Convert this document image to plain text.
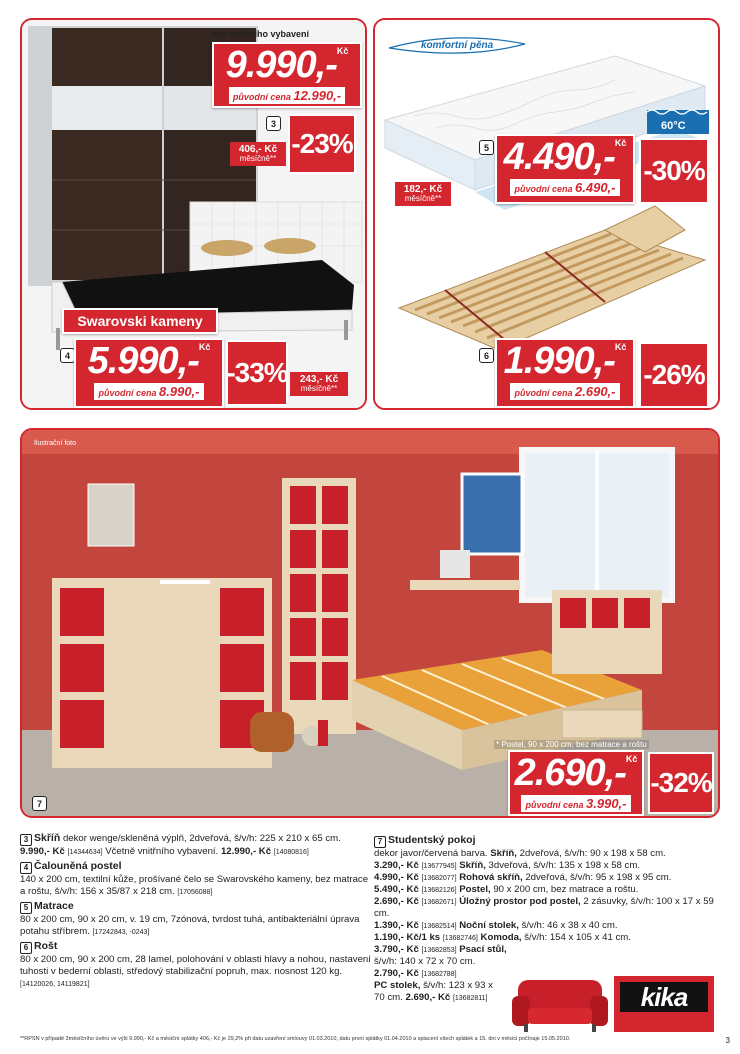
bez vnitřního vybavení
9.990,-$^{Kč}$ původní cena 12.990,-
3
-23%
406,- Kč
měsíčně**
Swarovski kameny
4 5.990,-$^{Kč}$ původní cena 8.990,-
-33%	243,- Kč
měsíčně**
komfortní pěna
60°C
5 4.490,-$^{Kč}$ původní cena 6.490,-
-30%
182,- Kč
měsíčně**
6 1.990,-$^{Kč}$ původní cena 2.690,-
-26%
Ilustrační foto
7
* Postel, 90 x 200 cm, bez matrace a roštu
2.690,-$^{Kč}$ původní cena 3.990,-
-32%
3 Skříň dekor wenge/skleněná výplň, 2dveřová, š/v/h: 225 x 210 x 65 cm. 9.990,- Kč [14344634] Včetně vnitřního vybavení. 12.990,- Kč [14080816]
4 Čalouněná postel
140 x 200 cm, textilní kůže, prošívané čelo se Swarovského kameny, bez matrace a roštu, š/v/h: 156 x 35/87 x 218 cm. [17056088]
5 Matrace
80 x 200 cm, 90 x 20 cm, v. 19 cm, 7zónová, tvrdost tuhá, antibakteriální úprava potahu stříbrem. [17242843, -0243]
6 Rošt
80 x 200 cm, 90 x 200 cm, 28 lamel, polohování v oblasti hlavy a nohou, nastavení tuhosti v bederní oblasti, středový stabilizační popruh, max. nosnost 120 kg. [14120026, 14119821]
7 Studentský pokoj
dekor javor/červená barva. Skříň, 2dveřová, š/v/h: 90 x 198 x 58 cm.
3.290,- Kč [13677945] Skříň, 3dveřová, š/v/h: 135 x 198 x 58 cm.
4.990,- Kč [13682077] Rohová skříň, 2dveřová, š/v/h: 95 x 198 x 95 cm.
5.490,- Kč [13682126] Postel, 90 x 200 cm, bez matrace a roštu.
2.690,- Kč [13682671] Úložný prostor pod postel, 2 zásuvky, š/v/h: 100 x 17 x 59 cm.
1.390,- Kč [13682514] Noční stolek, š/v/h: 46 x 38 x 40 cm.
1.190,- Kč/1 ks [13682746] Komoda, š/v/h: 154 x 105 x 41 cm.
3.790,- Kč [13682853] Psací stůl, š/v/h: 140 x 72 x 70 cm.
2.790,- Kč [13682788]
PC stolek, š/v/h: 123 x 93 x 70 cm. 2.690,- Kč [13682811]	kika
**RPSN v případě 3měsíčního úvěru ve výši 9.990,- Kč a měsíční splátky 406,- Kč je 29,2% při datu uzavření smlouvy 01.03.2010, datu první splátky 01.04.2010 a splacení všech splátek a 15. dni v měsíci počínaje 15.05.2010.	3
